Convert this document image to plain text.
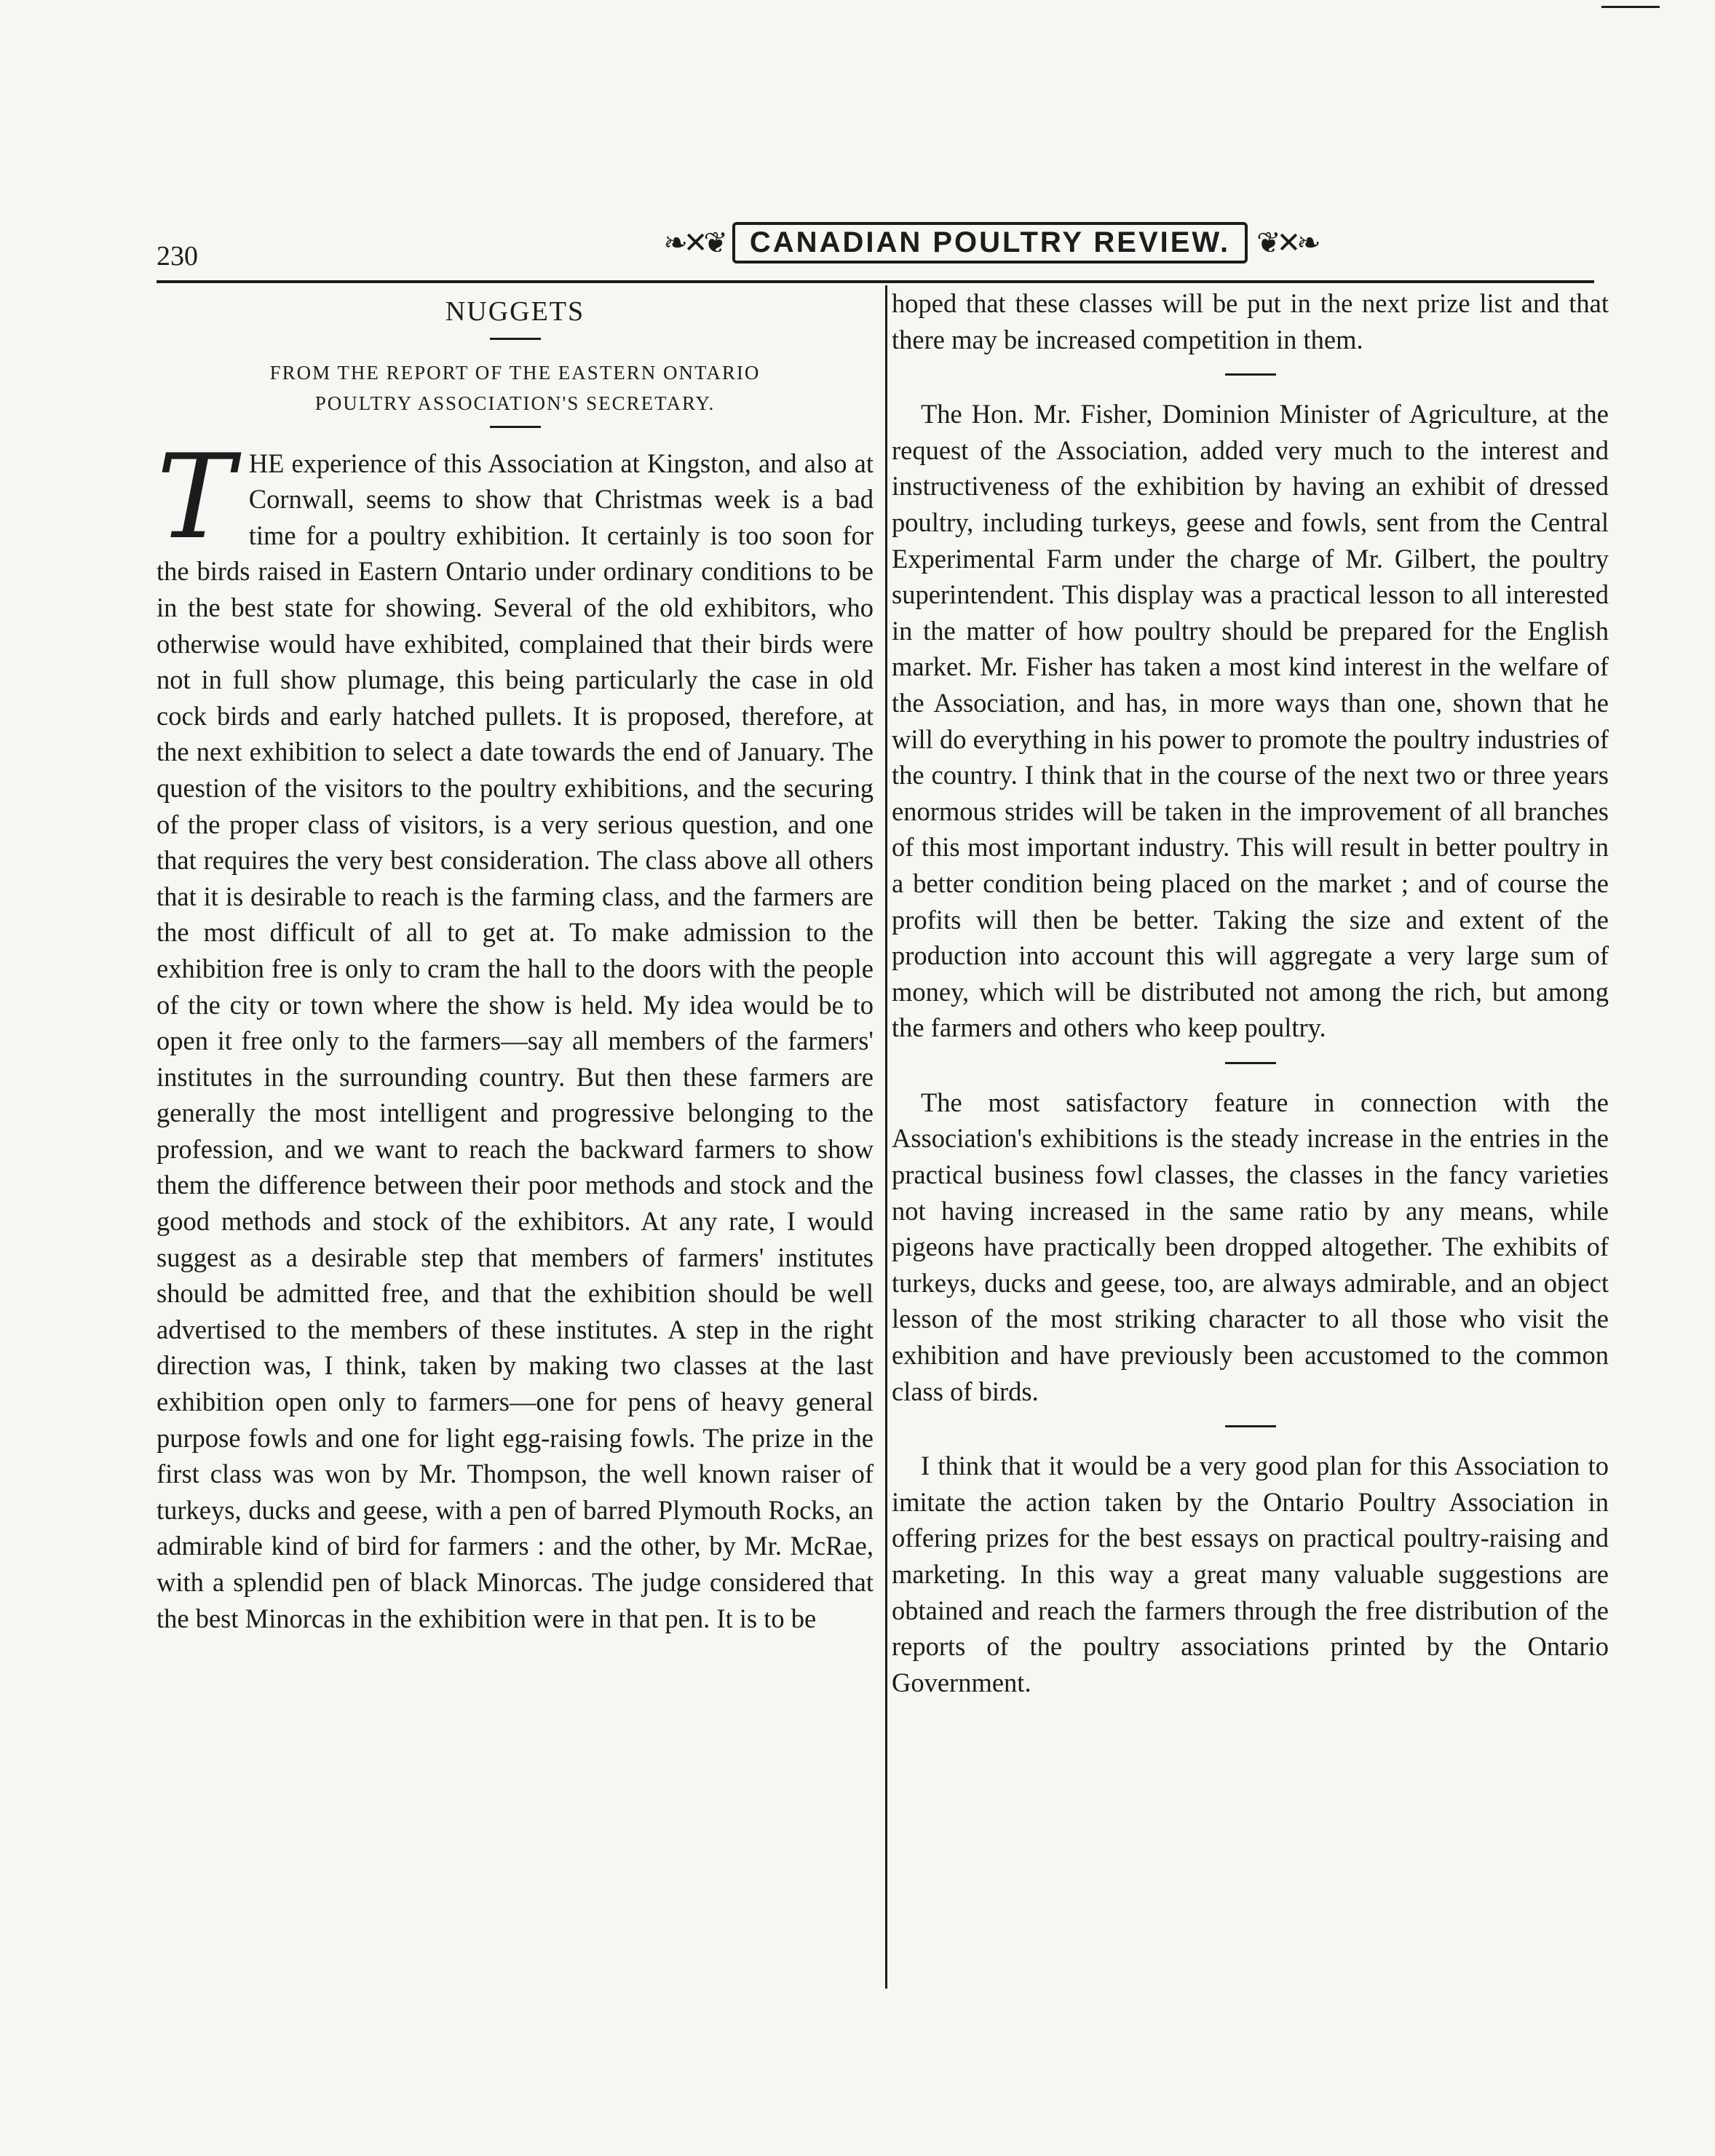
230	❧✕❦ CANADIAN POULTRY REVIEW. ❦✕❧
NUGGETS
FROM THE REPORT OF THE EASTERN ONTARIO
POULTRY ASSOCIATION'S SECRETARY.

T HE experience of this Association at Kingston, and also at Cornwall, seems to show that Christmas week is a bad time for a poultry exhibition. It certainly is too soon for the birds raised in Eastern Ontario under ordinary conditions to be in the best state for showing. Several of the old exhibitors, who otherwise would have exhibited, complained that their birds were not in full show plumage, this being particularly the case in old cock birds and early hatched pullets. It is proposed, therefore, at the next exhibition to select a date towards the end of January. The question of the visitors to the poultry exhibitions, and the securing of the proper class of visitors, is a very serious question, and one that requires the very best consideration. The class above all others that it is desirable to reach is the farming class, and the farmers are the most difficult of all to get at. To make admission to the exhibition free is only to cram the hall to the doors with the people of the city or town where the show is held. My idea would be to open it free only to the farmers—say all members of the farmers' institutes in the surrounding country. But then these farmers are generally the most intelligent and progressive belonging to the profession, and we want to reach the backward farmers to show them the difference between their poor methods and stock and the good methods and stock of the exhibitors. At any rate, I would suggest as a desirable step that members of farmers' institutes should be admitted free, and that the exhibition should be well advertised to the members of these institutes. A step in the right direction was, I think, taken by making two classes at the last exhibition open only to farmers—one for pens of heavy general purpose fowls and one for light egg-raising fowls. The prize in the first class was won by Mr. Thompson, the well known raiser of turkeys, ducks and geese, with a pen of barred Plymouth Rocks, an admirable kind of bird for farmers : and the other, by Mr. McRae, with a splendid pen of black Minorcas. The judge considered that the best Minorcas in the exhibition were in that pen. It is to be

hoped that these classes will be put in the next prize list and that there may be increased competition in them.

The Hon. Mr. Fisher, Dominion Minister of Agriculture, at the request of the Association, added very much to the interest and instructiveness of the exhibition by having an exhibit of dressed poultry, including turkeys, geese and fowls, sent from the Central Experimental Farm under the charge of Mr. Gilbert, the poultry superintendent. This display was a practical lesson to all interested in the matter of how poultry should be prepared for the English market. Mr. Fisher has taken a most kind interest in the welfare of the Association, and has, in more ways than one, shown that he will do everything in his power to promote the poultry industries of the country. I think that in the course of the next two or three years enormous strides will be taken in the improvement of all branches of this most important industry. This will result in better poultry in a better condition being placed on the market ; and of course the profits will then be better. Taking the size and extent of the production into account this will aggregate a very large sum of money, which will be distributed not among the rich, but among the farmers and others who keep poultry.

The most satisfactory feature in connection with the Association's exhibitions is the steady increase in the entries in the practical business fowl classes, the classes in the fancy varieties not having increased in the same ratio by any means, while pigeons have practically been dropped altogether. The exhibits of turkeys, ducks and geese, too, are always admirable, and an object lesson of the most striking character to all those who visit the exhibition and have previously been accustomed to the common class of birds.

I think that it would be a very good plan for this Association to imitate the action taken by the Ontario Poultry Association in offering prizes for the best essays on practical poultry-raising and marketing. In this way a great many valuable suggestions are obtained and reach the farmers through the free distribution of the reports of the poultry associations printed by the Ontario Government.
